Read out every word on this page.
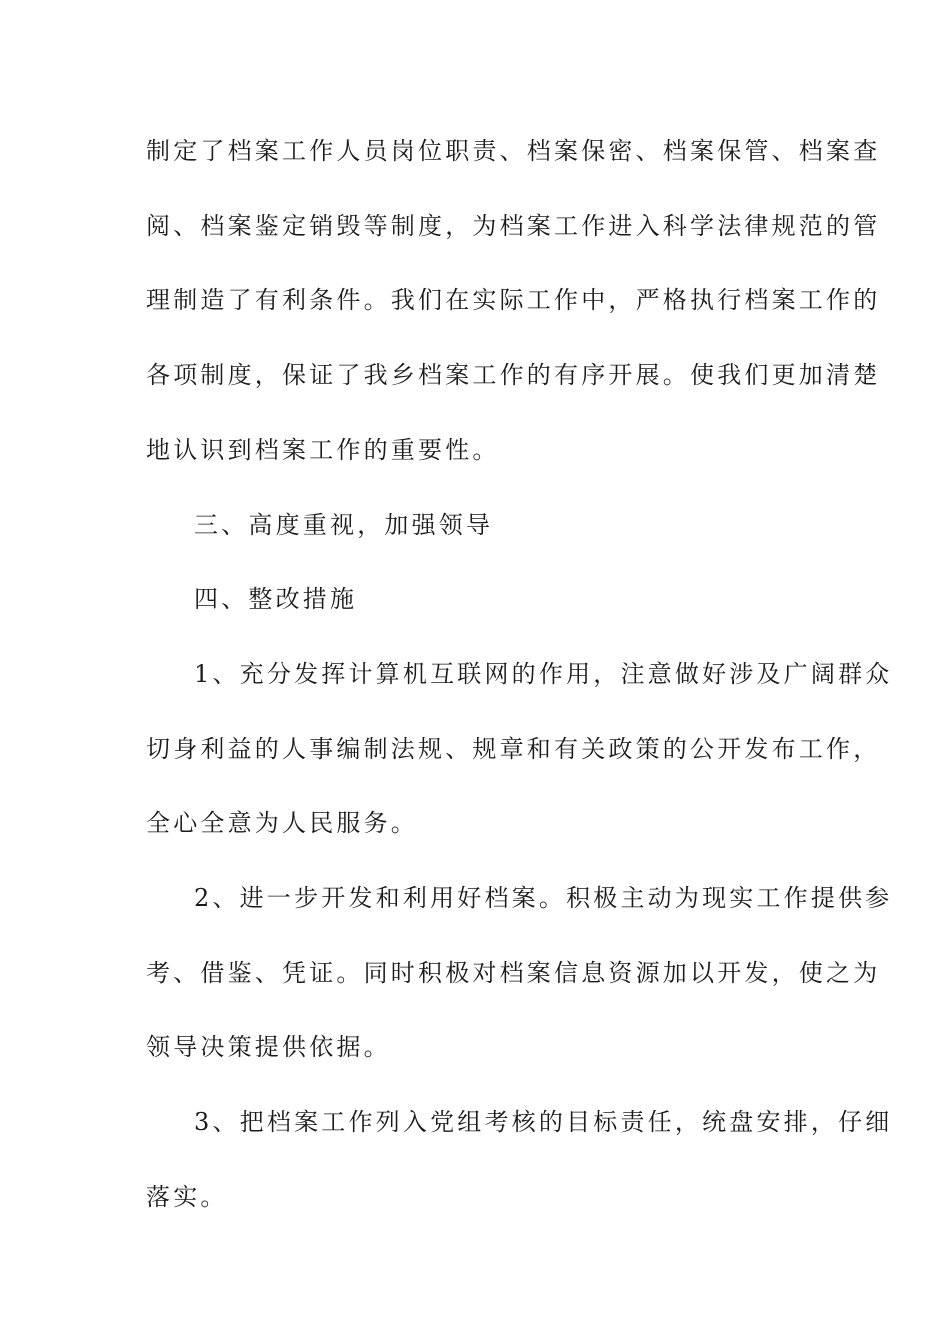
制定了档案工作人员岗位职责、档案保密、档案保管、档案查
阅、档案鉴定销毁等制度，为档案工作进入科学法律规范的管
理制造了有利条件。我们在实际工作中，严格执行档案工作的
各项制度，保证了我乡档案工作的有序开展。使我们更加清楚
地认识到档案工作的重要性。

三、高度重视，加强领导

四、整改措施

1、充分发挥计算机互联网的作用，注意做好涉及广阔群众
切身利益的人事编制法规、规章和有关政策的公开发布工作，
全心全意为人民服务。

2、进一步开发和利用好档案。积极主动为现实工作提供参
考、借鉴、凭证。同时积极对档案信息资源加以开发，使之为
领导决策提供依据。

3、把档案工作列入党组考核的目标责任，统盘安排，仔细
落实。
